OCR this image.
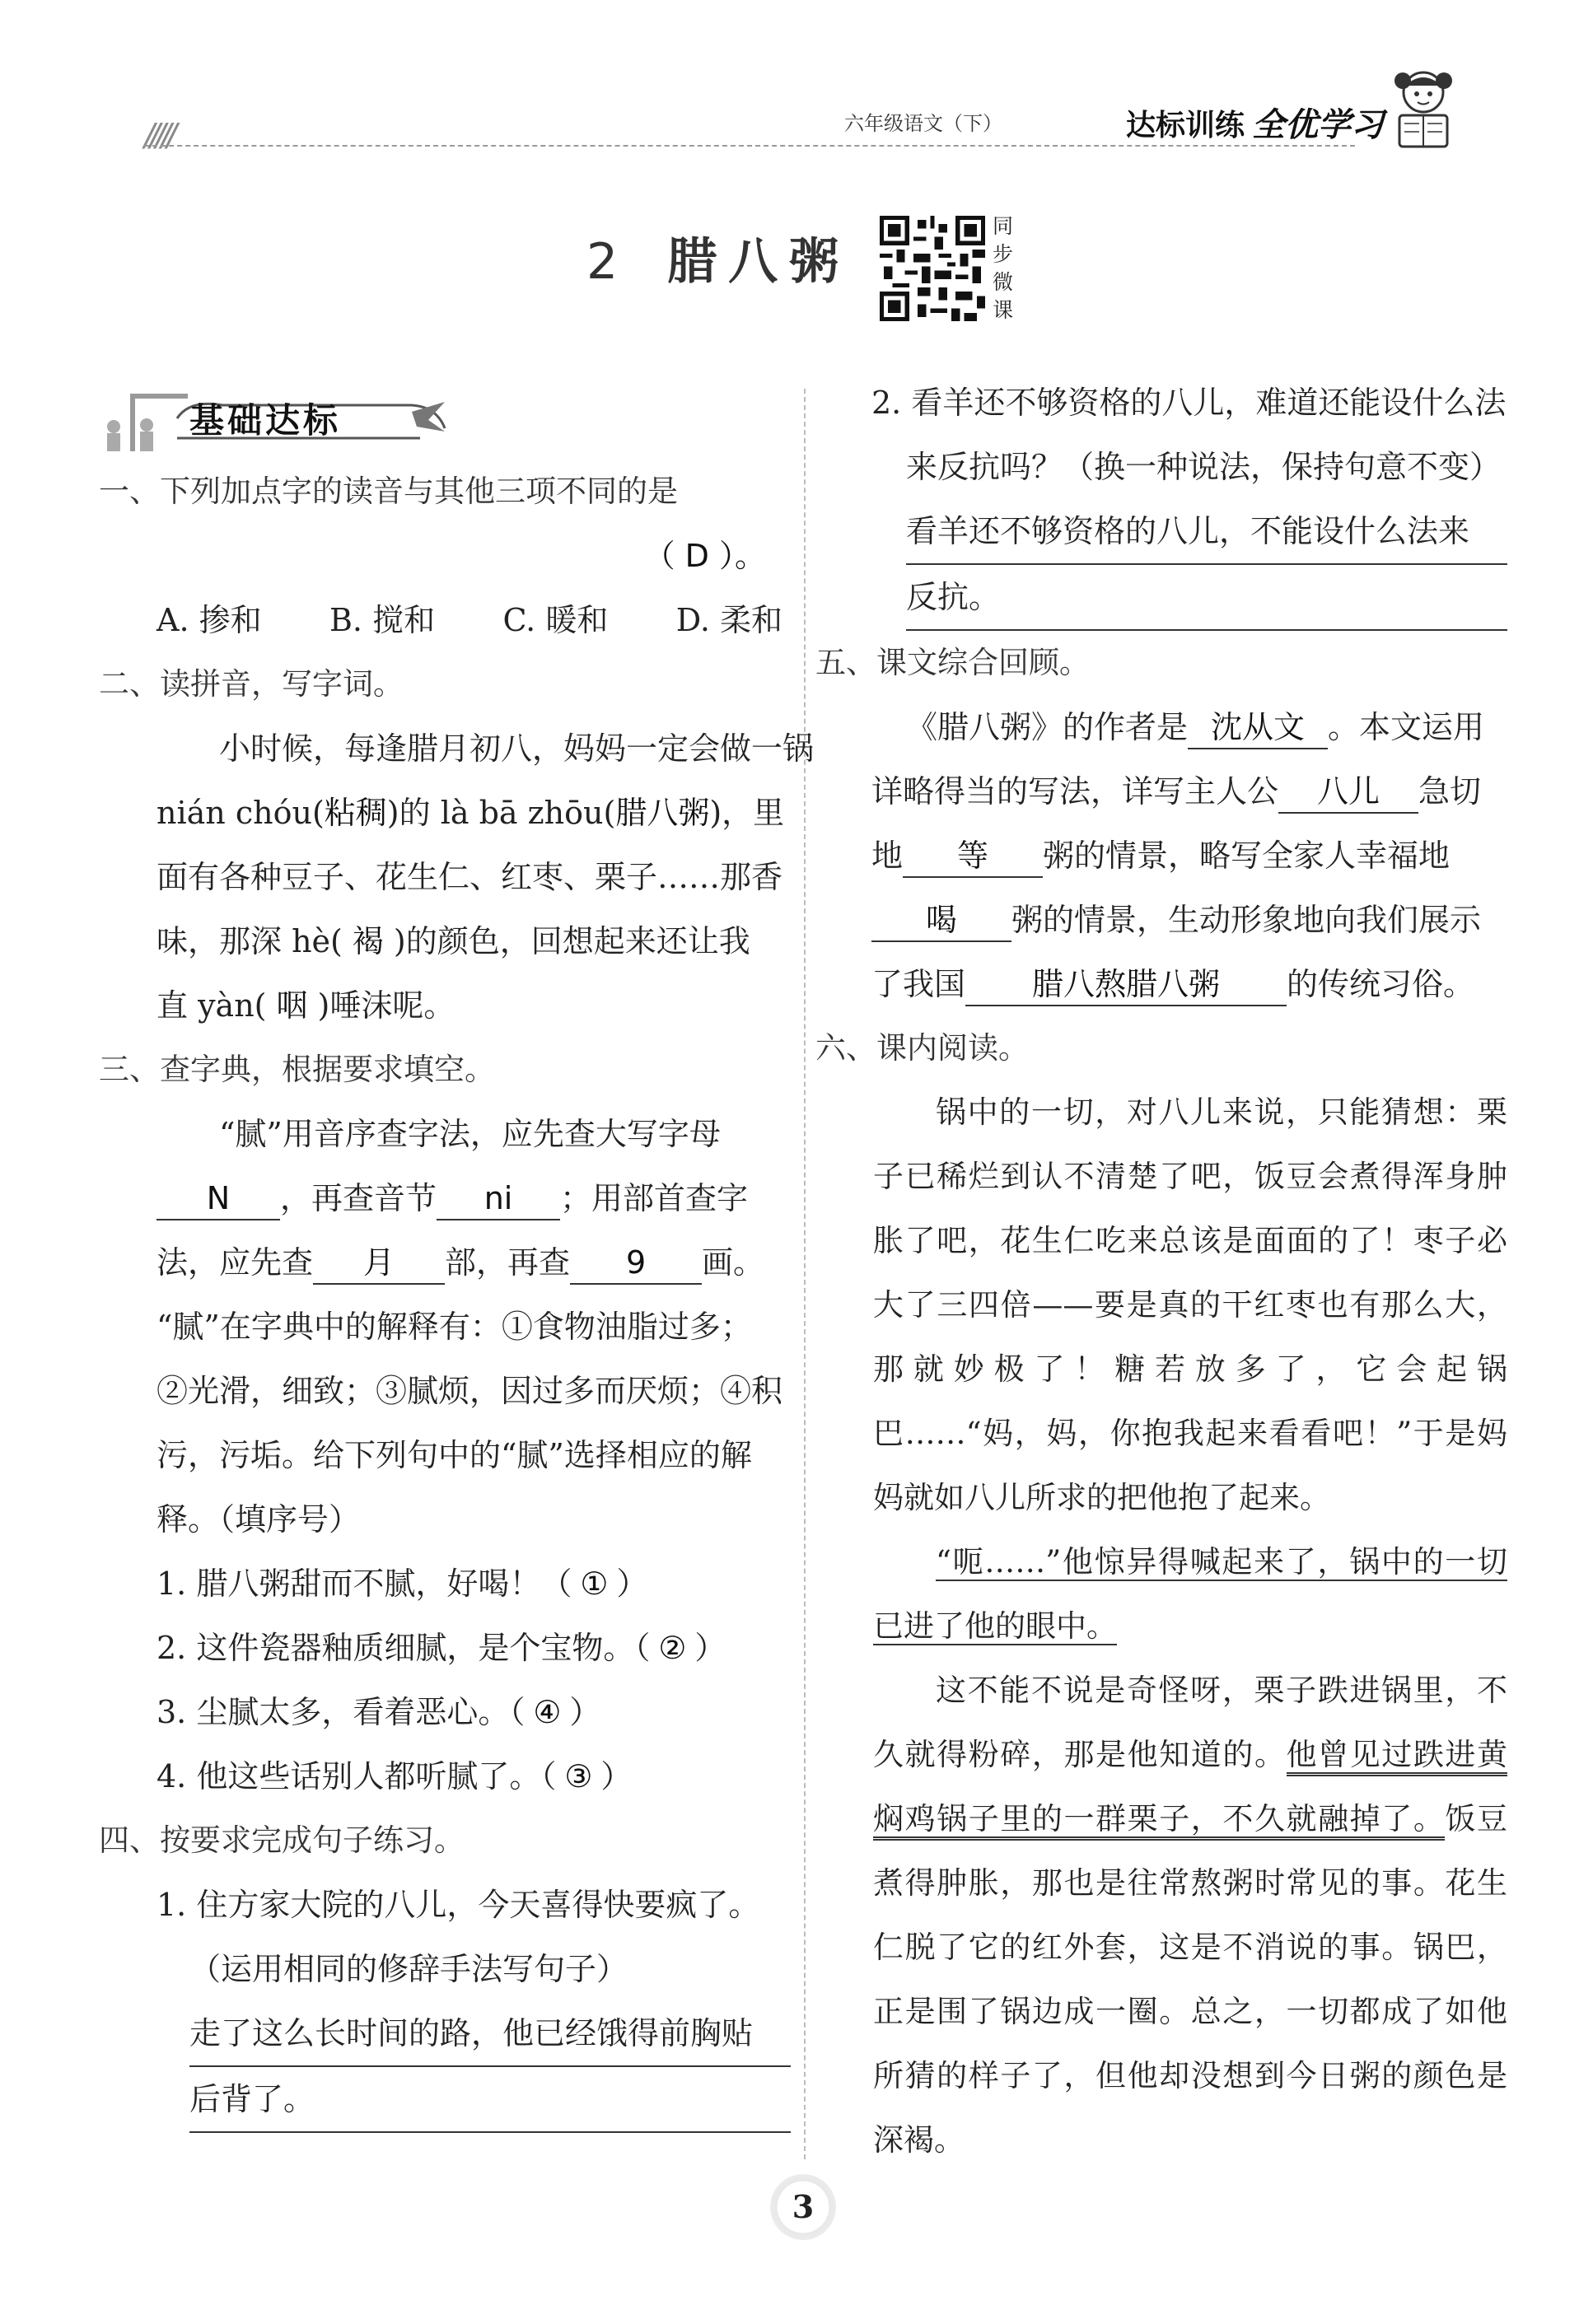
/////	六年级语文（下）	达标训练 全优学习
2 腊八粥
同
步
微
课
基础达标
一、下列加点字的读音与其他三项不同的是
（ D ）。
A. 掺和 B. 搅和 C. 暖和 D. 柔和
二、读拼音，写字词。
小时候，每逢腊月初八，妈妈一定会做一锅
nián chóu(粘稠)的 là bā zhōu(腊八粥)，里
面有各种豆子、花生仁、红枣、栗子……那香
味，那深 hè( 褐 )的颜色，回想起来还让我
直 yàn( 咽 )唾沫呢。
三、查字典，根据要求填空。
“腻”用音序查字法，应先查大写字母
N ，再查音节 ni ；用部首查字
法，应先查 月 部，再查 9 画。
“腻”在字典中的解释有：①食物油脂过多；
②光滑，细致；③腻烦，因过多而厌烦；④积
污，污垢。给下列句中的“腻”选择相应的解
释。（填序号）
1. 腊八粥甜而不腻，好喝！（ ① ）
2. 这件瓷器釉质细腻，是个宝物。（ ② ）
3. 尘腻太多，看着恶心。（ ④ ）
4. 他这些话别人都听腻了。（ ③ ）
四、按要求完成句子练习。
1. 住方家大院的八儿，今天喜得快要疯了。
（运用相同的修辞手法写句子）
走了这么长时间的路，他已经饿得前胸贴
后背了。
2. 看羊还不够资格的八儿，难道还能设什么法
来反抗吗？（换一种说法，保持句意不变）
看羊还不够资格的八儿，不能设什么法来
反抗。
五、课文综合回顾。
《腊八粥》的作者是 沈从文 。本文运用
详略得当的写法，详写主人公 八儿 急切
地 等 粥的情景，略写全家人幸福地
喝 粥的情景，生动形象地向我们展示
了我国 腊八熬腊八粥 的传统习俗。
六、课内阅读。
锅中的一切，对八儿来说，只能猜想：栗子已稀烂到认不清楚了吧，饭豆会煮得浑身肿胀了吧，花生仁吃来总该是面面的了！枣子必大了三四倍——要是真的干红枣也有那么大，那就妙极了！糖若放多了，它会起锅巴……“妈，妈，你抱我起来看看吧！”于是妈妈就如八儿所求的把他抱了起来。
“呃……”他惊异得喊起来了，锅中的一切已进了他的眼中。
这不能不说是奇怪呀，栗子跌进锅里，不久就得粉碎，那是他知道的。他曾见过跌进黄焖鸡锅子里的一群栗子，不久就融掉了。饭豆煮得肿胀，那也是往常熬粥时常见的事。花生仁脱了它的红外套，这是不消说的事。锅巴，正是围了锅边成一圈。总之，一切都成了如他所猜的样子了，但他却没想到今日粥的颜色是深褐。
3
